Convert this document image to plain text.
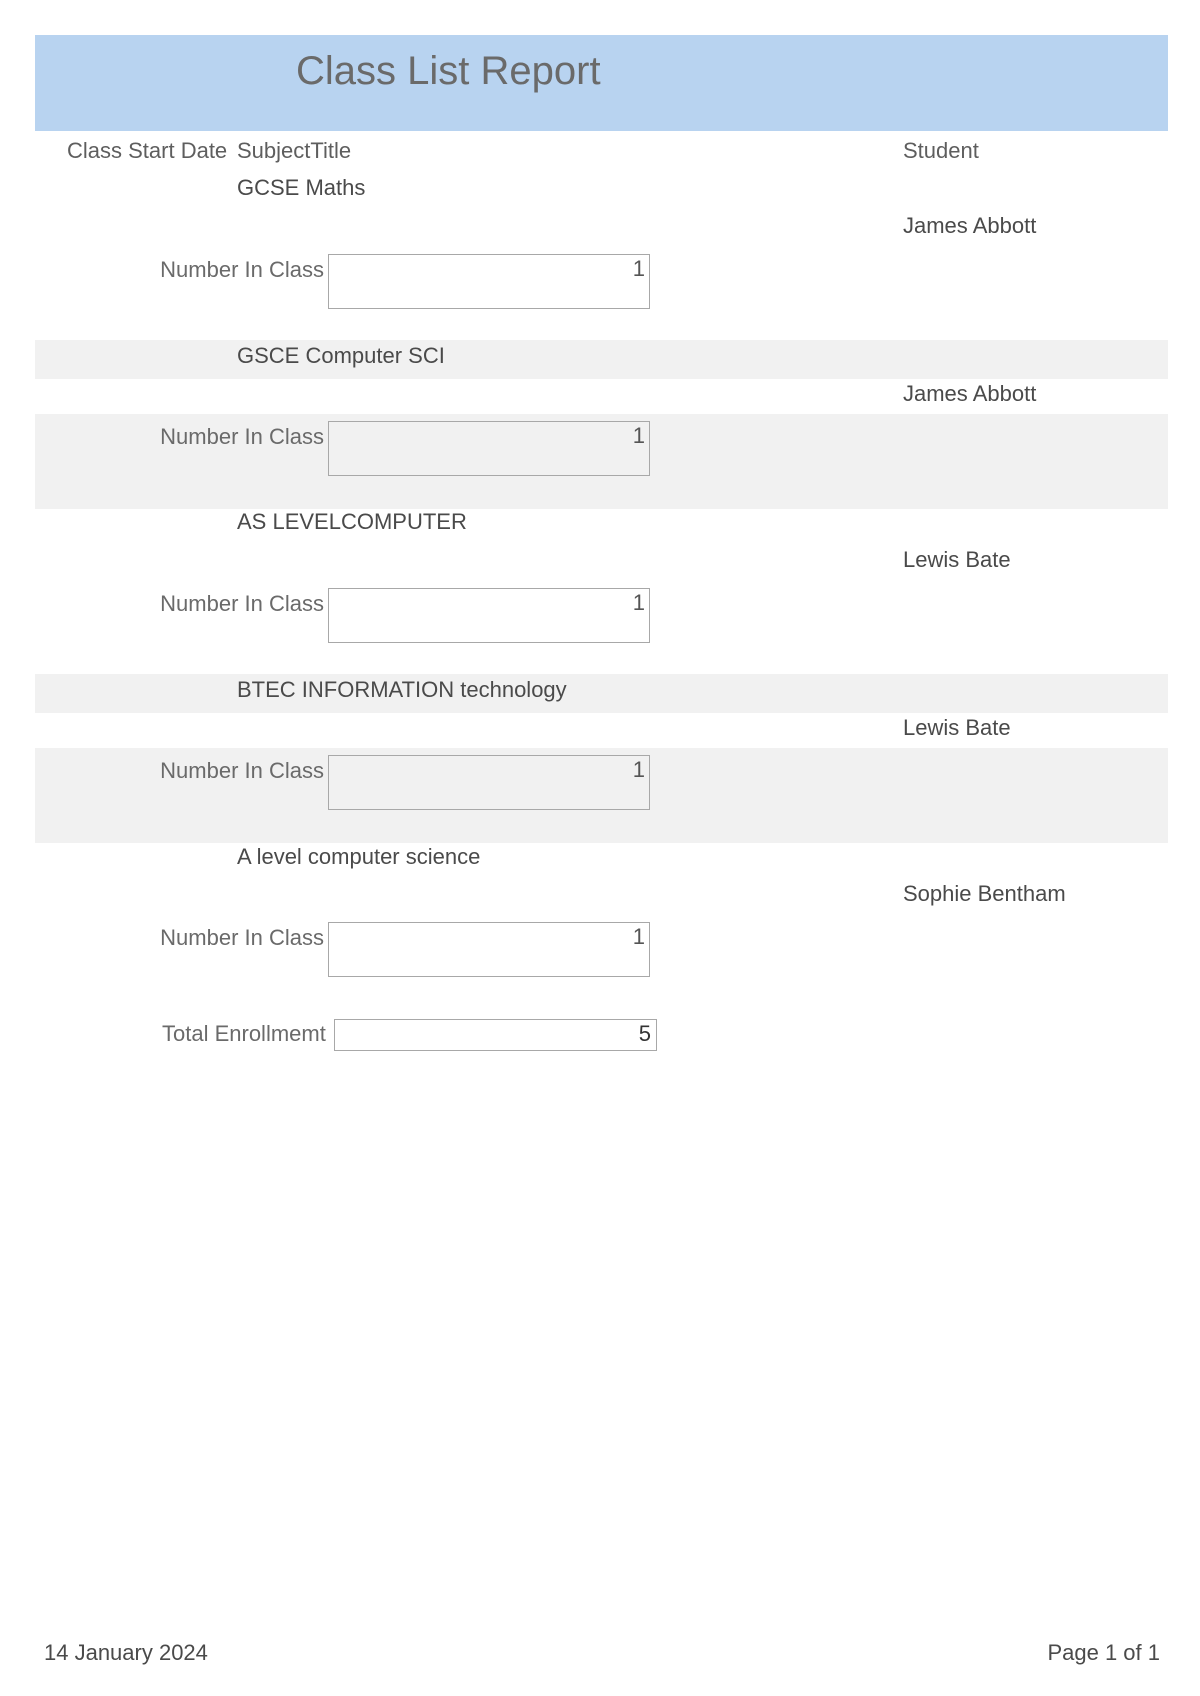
Class List Report
Class Start Date SubjectTitle	Student
GCSE Maths
James Abbott
Number In Class	1
GSCE Computer SCI
James Abbott
Number In Class	1
AS LEVELCOMPUTER
Lewis Bate
Number In Class	1
BTEC INFORMATION technology
Lewis Bate
Number In Class	1
A level computer science
Sophie Bentham
Number In Class	1
Total Enrollmemt	5
14 January 2024	Page 1 of 1
